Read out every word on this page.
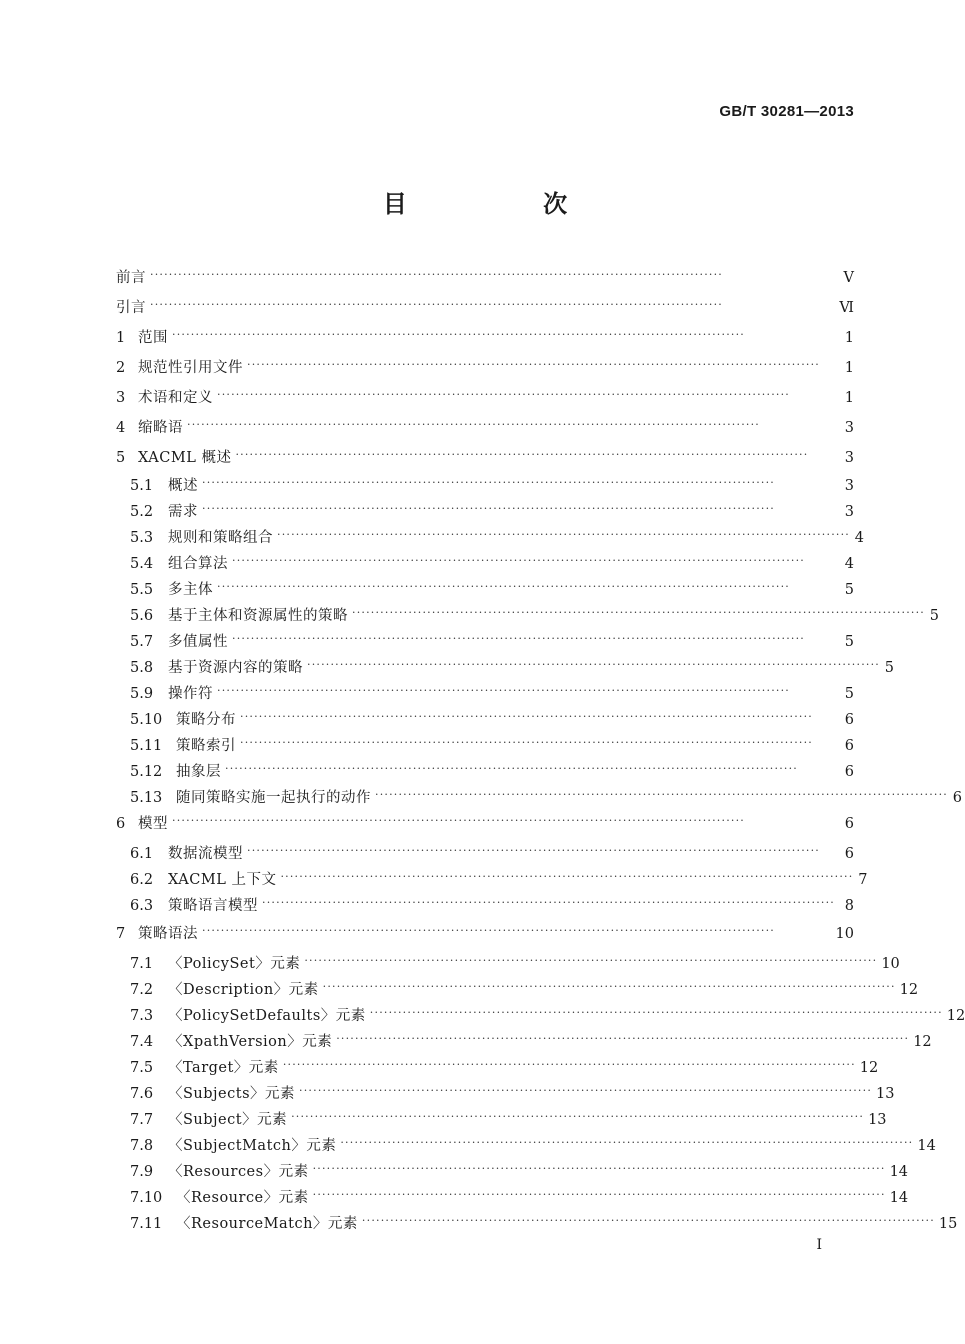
GB/T 30281—2013
目 次
前言 ··························································································································	Ⅴ
引言 ··························································································································	Ⅵ
1 范围 ··························································································································	1
2 规范性引用文件 ··························································································································	1
3 术语和定义 ··························································································································	1
4 缩略语 ··························································································································	3
5 XACML 概述 ··························································································································	3
5.1	概述 ··························································································································	3
5.2	需求 ··························································································································	3
5.3	规则和策略组合 ·························································································································· 4
5.4	组合算法 ··························································································································	4
5.5	多主体 ··························································································································	5
5.6	基于主体和资源属性的策略 ·························································································································· 5
5.7	多值属性 ··························································································································	5
5.8	基于资源内容的策略 ·························································································································· 5
5.9	操作符 ··························································································································	5
5.10 策略分布 ··························································································································	6
5.11 策略索引 ··························································································································	6
5.12 抽象层 ··························································································································	6
5.13 随同策略实施一起执行的动作 ·························································································································· 6
6 模型 ··························································································································	6
6.1	数据流模型 ··························································································································	6
6.2	XACML 上下文 ·························································································································· 7
6.3	策略语言模型 ·························································································································· 8
7 策略语法 ··························································································································	10
7.1	〈PolicySet〉元素 ·························································································································· 10
7.2	〈Description〉元素 ·························································································································· 12
7.3	〈PolicySetDefaults〉元素 ·························································································································· 12
7.4	〈XpathVersion〉元素 ·························································································································· 12
7.5	〈Target〉元素 ·························································································································· 12
7.6	〈Subjects〉元素 ·························································································································· 13
7.7	〈Subject〉元素 ·························································································································· 13
7.8	〈SubjectMatch〉元素 ·························································································································· 14
7.9	〈Resources〉元素 ·························································································································· 14
7.10 〈Resource〉元素 ·························································································································· 14
7.11 〈ResourceMatch〉元素 ·························································································································· 15
I
